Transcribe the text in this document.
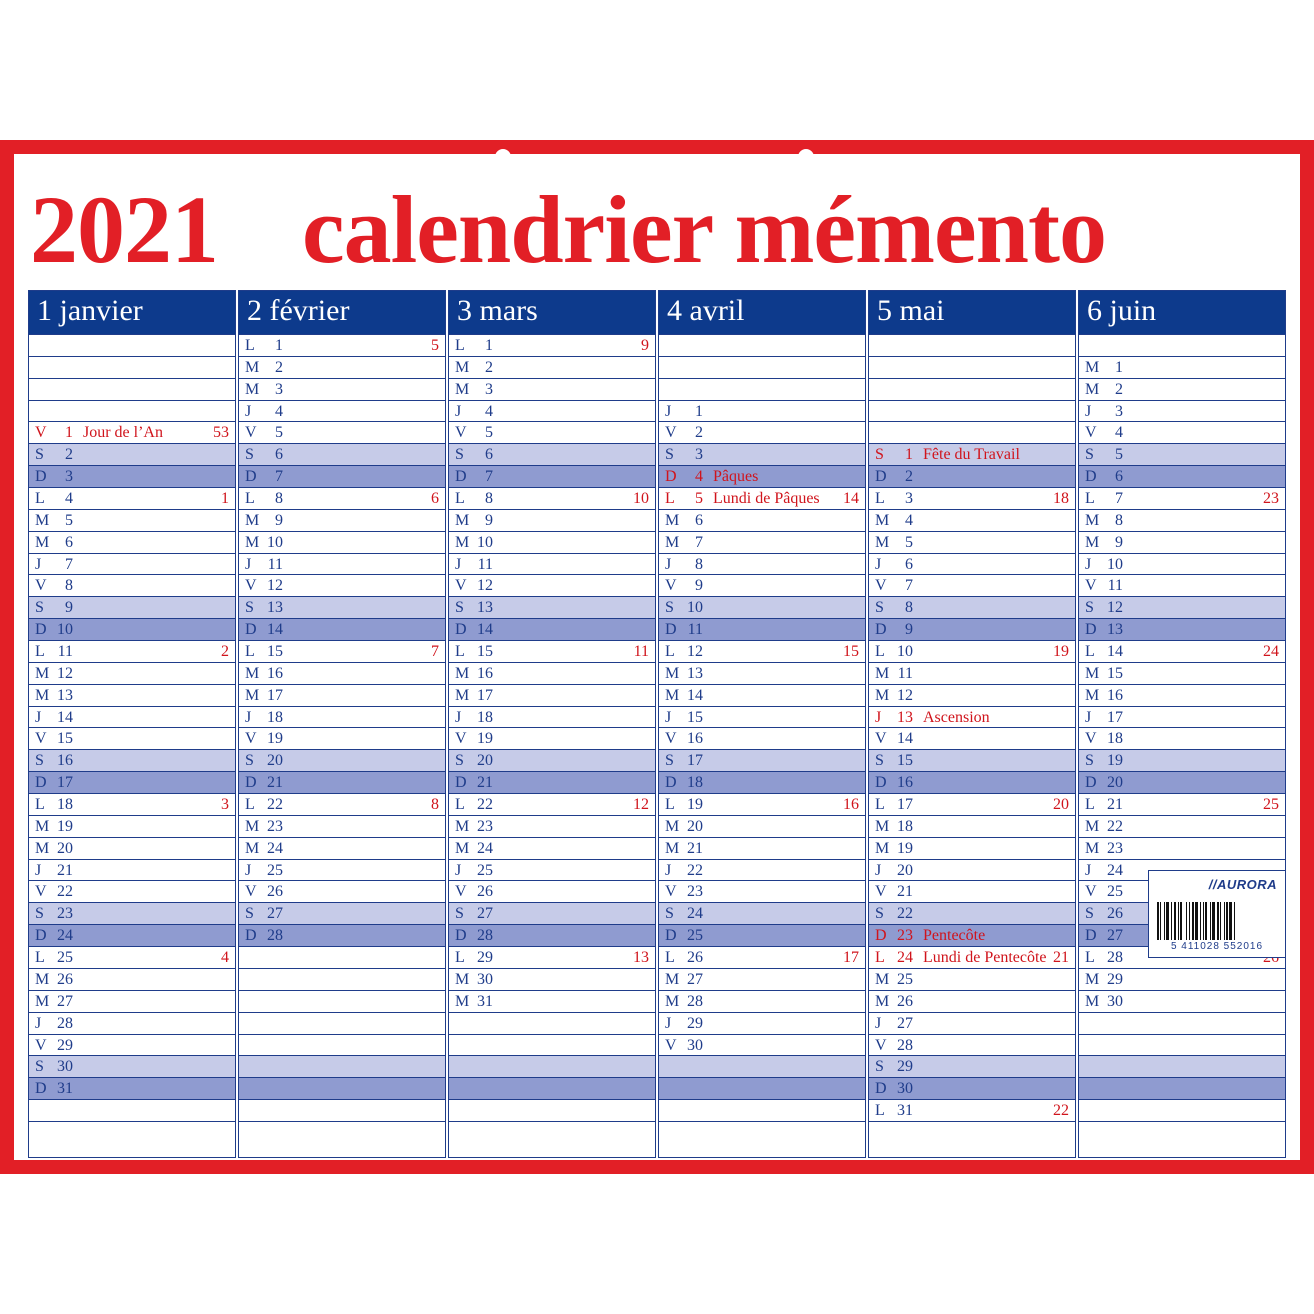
2021 calendrier mémento
1 janvier
V	1 Jour de l’An	53
S	2
D	3
L	4	1
M 5
M 6
J	7
V	8
S	9
D 10
L 11	2
M 12
M 13
J 14
V 15
S 16
D 17
L 18	3
M 19
M 20
J 21
V 22
S 23
D 24
L 25	4
M 26
M 27
J 28
V 29
S 30
D 31
2 février
L	1	5
M 2
M 3
J	4
V	5
S	6
D	7
L	8	6
M 9
M 10
J	11
V 12
S 13
D 14
L 15	7
M 16
M 17
J 18
V 19
S 20
D 21
L 22	8
M 23
M 24
J 25
V 26
S 27
D 28
3 mars
L	1	9
M 2
M 3
J	4
V	5
S	6
D	7
L	8	10
M 9
M 10
J	11
V 12
S 13
D 14
L 15	11
M 16
M 17
J 18
V 19
S 20
D 21
L 22	12
M 23
M 24
J 25
V 26
S 27
D 28
L 29	13
M 30
M 31
4 avril
J	1
V	2
S	3
D	4 Pâques
L	5 Lundi de Pâques 14
M 6
M 7
J	8
V	9
S 10
D 11
L 12	15
M 13
M 14
J 15
V 16
S 17
D 18
L 19	16
M 20
M 21
J 22
V 23
S 24
D 25
L 26	17
M 27
M 28
J 29
V 30
5 mai
S	1 Fête du Travail
D	2
L	3	18
M 4
M 5
J	6
V	7
S	8
D	9
L 10	19
M 11
M 12
J 13 Ascension
V 14
S 15
D 16
L 17	20
M 18
M 19
J 20
V 21
S 22
D 23 Pentecôte
L 24 Lundi de Pentecôte 21
M 25
M 26
J 27
V 28
S 29
D 30
L 31	22
6 juin
M 1
M 2
J	3
V	4
S	5
D	6
L	7	23
M 8
M 9
J 10
V 11
S 12
D 13
L 14	24
M 15
M 16
J 17
V 18
S 19
D 20
L 21	25
M 22
M 23
J 24
V 25
S 26
D 27
L 28
M 29
M 30
//AURORA
5 411028 552016
